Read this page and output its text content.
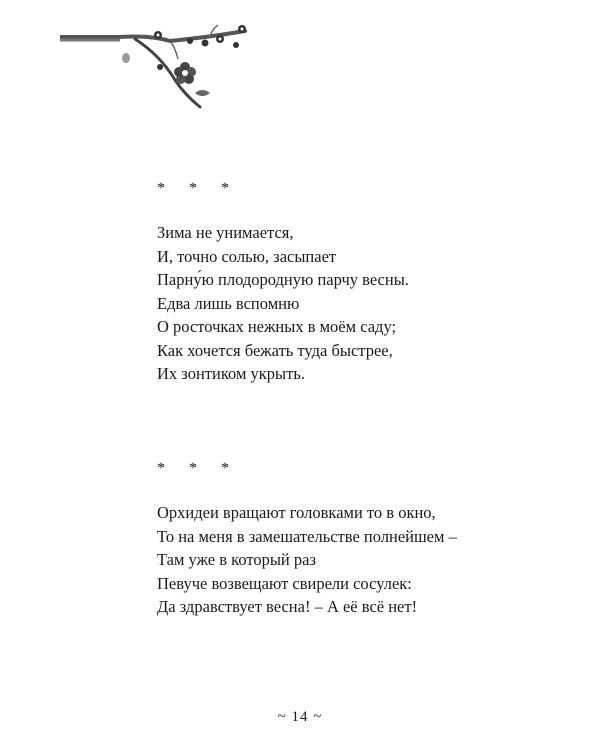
* * *
Зима не унимается,
И, точно солью, засыпает
Парну́ю плодородную парчу весны.
Едва лишь вспомню
О росточках нежных в моём саду;
Как хочется бежать туда быстрее,
Их зонтиком укрыть.
* * *
Орхидеи вращают головками то в окно,
То на меня в замешательстве полнейшем –
Там уже в который раз
Певуче возвещают свирели сосулек:
Да здравствует весна! – А её всё нет!
~ 14 ~
